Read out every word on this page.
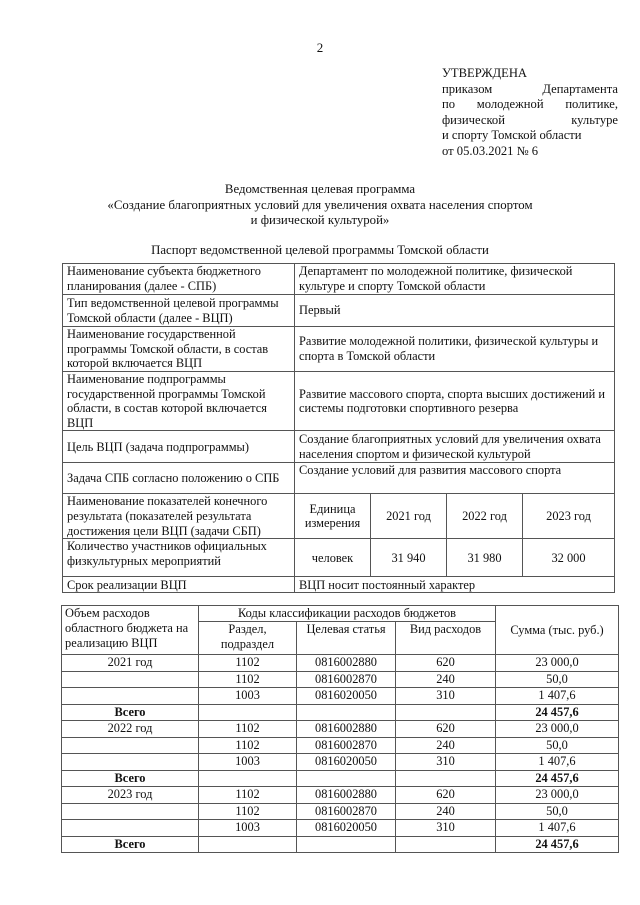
2
УТВЕРЖДЕНА
приказом Департамента
по молодежной политике,
физической культуре
и спорту Томской области
от 05.03.2021 № 6
Ведомственная целевая программа
«Создание благоприятных условий для увеличения охвата населения спортом
и физической культурой»
Паспорт ведомственной целевой программы Томской области
Наименование субъекта бюджетного планирования (далее - СПБ)	Департамент по молодежной политике, физической культуре и спорту Томской области			
Тип ведомственной целевой программы Томской области (далее - ВЦП)	Первый			
Наименование государственной программы Томской области, в состав которой включается ВЦП	Развитие молодежной политики, физической культуры и спорта в Томской области			
Наименование подпрограммы государственной программы Томской области, в состав которой включается ВЦП	Развитие массового спорта, спорта высших достижений и системы подготовки спортивного резерва			
Цель ВЦП (задача подпрограммы)	Создание благоприятных условий для увеличения охвата населения спортом и физической культурой			
Задача СПБ согласно положению о СПБ	Создание условий для развития массового спорта			
Наименование показателей конечного результата (показателей результата достижения цели ВЦП (задачи СБП)	Единица измерения	2021 год	2022 год	2023 год
Количество участников официальных физкультурных мероприятий	человек	31 940	31 980	32 000
Срок реализации ВЦП	ВЦП носит постоянный характер			
Объем расходов областного бюджета на реализацию ВЦП	Коды классификации расходов бюджетов			Сумма (тыс. руб.)
	Раздел, подраздел	Целевая статья	Вид расходов	
2021 год	1102	0816002880	620	23 000,0
	1102	0816002870	240	50,0
	1003	0816020050	310	1 407,6
Всего				24 457,6
2022 год	1102	0816002880	620	23 000,0
	1102	0816002870	240	50,0
	1003	0816020050	310	1 407,6
Всего				24 457,6
2023 год	1102	0816002880	620	23 000,0
	1102	0816002870	240	50,0
	1003	0816020050	310	1 407,6
Всего				24 457,6
